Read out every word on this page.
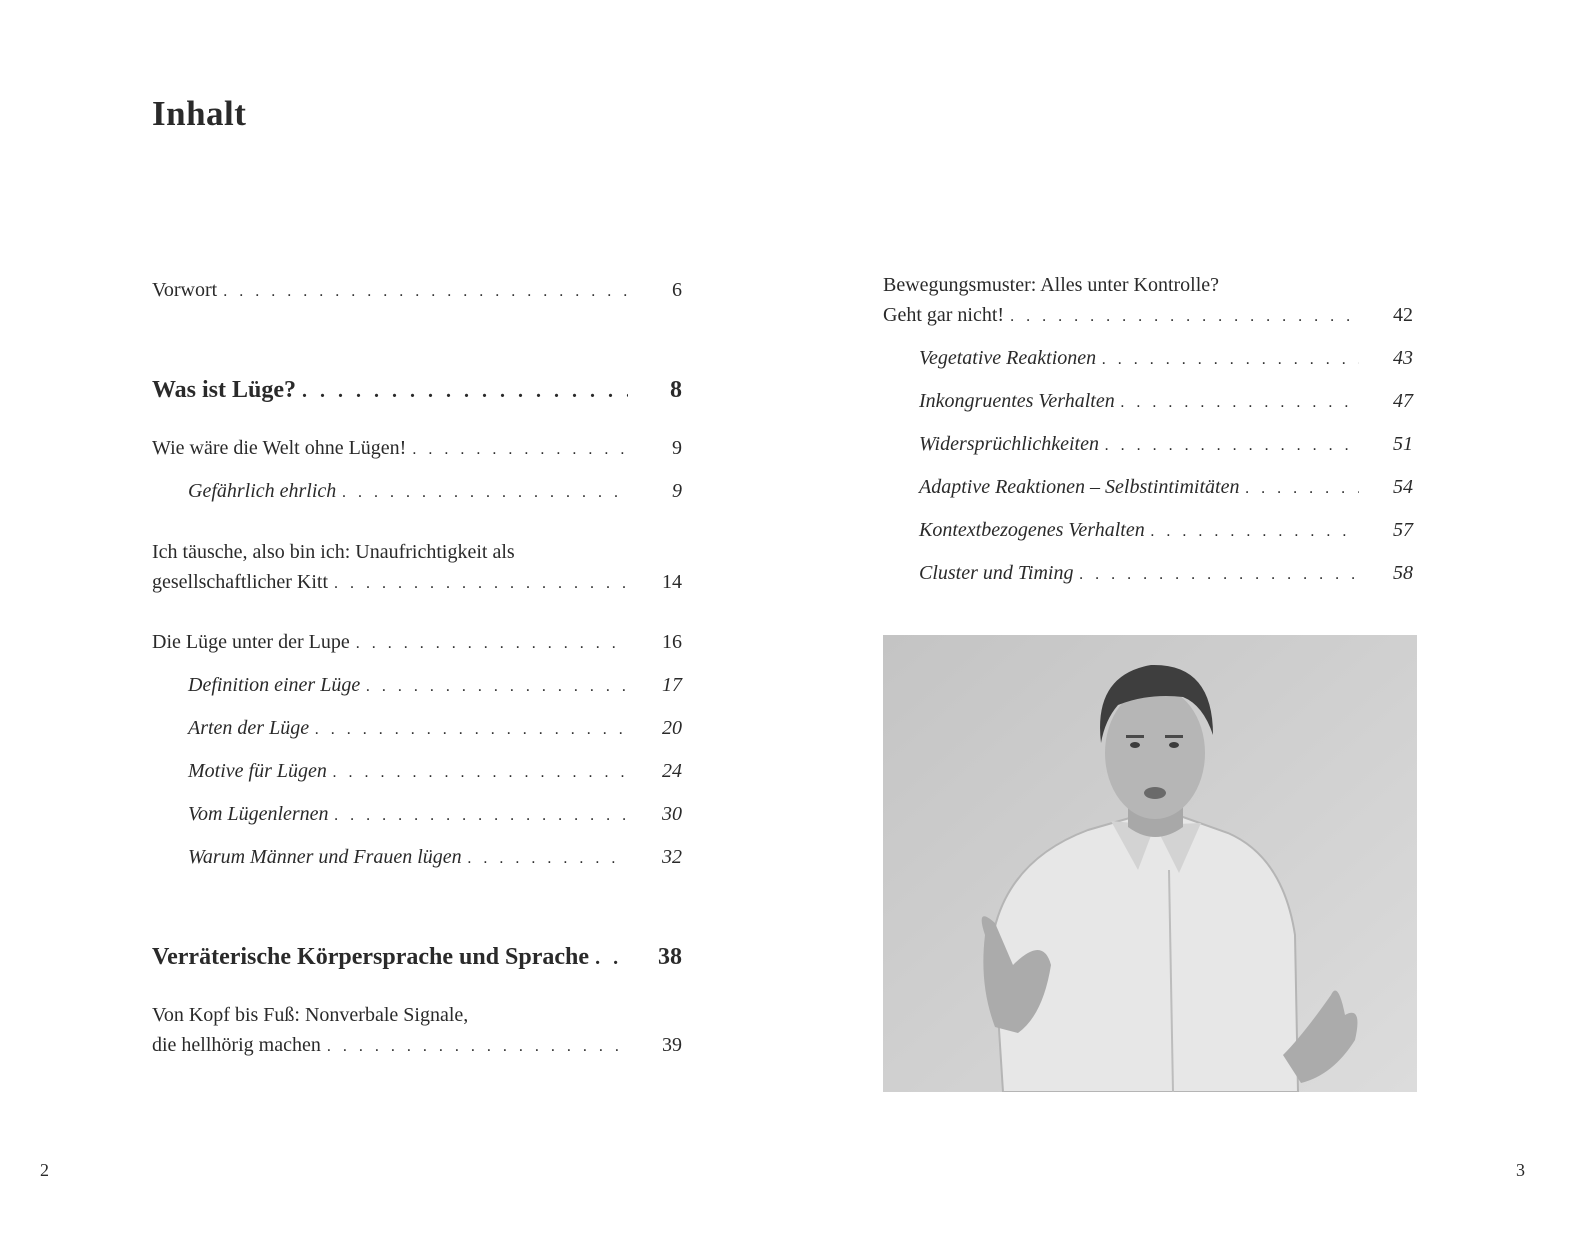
Inhalt
Vorwort . . .	6
Was ist Lüge? . . .	8
Wie wäre die Welt ohne Lügen! . . .	9
Gefährlich ehrlich . . .	9
Ich täusche, also bin ich: Unaufrichtigkeit als
gesellschaftlicher Kitt . . .	14
Die Lüge unter der Lupe . . .	16
Definition einer Lüge . . .	17
Arten der Lüge . . .	20
Motive für Lügen . . .	24
Vom Lügenlernen . . .	30
Warum Männer und Frauen lügen . . .	32
Verräterische Körpersprache und Sprache . . .	38
Von Kopf bis Fuß: Nonverbale Signale,
die hellhörig machen . . .	39
Bewegungsmuster: Alles unter Kontrolle?
Geht gar nicht! . . .	42
Vegetative Reaktionen . . .	43
Inkongruentes Verhalten . . .	47
Widersprüchlichkeiten . . .	51
Adaptive Reaktionen – Selbstintimitäten . . .	54
Kontextbezogenes Verhalten . . .	57
Cluster und Timing . . .	58
2	3
